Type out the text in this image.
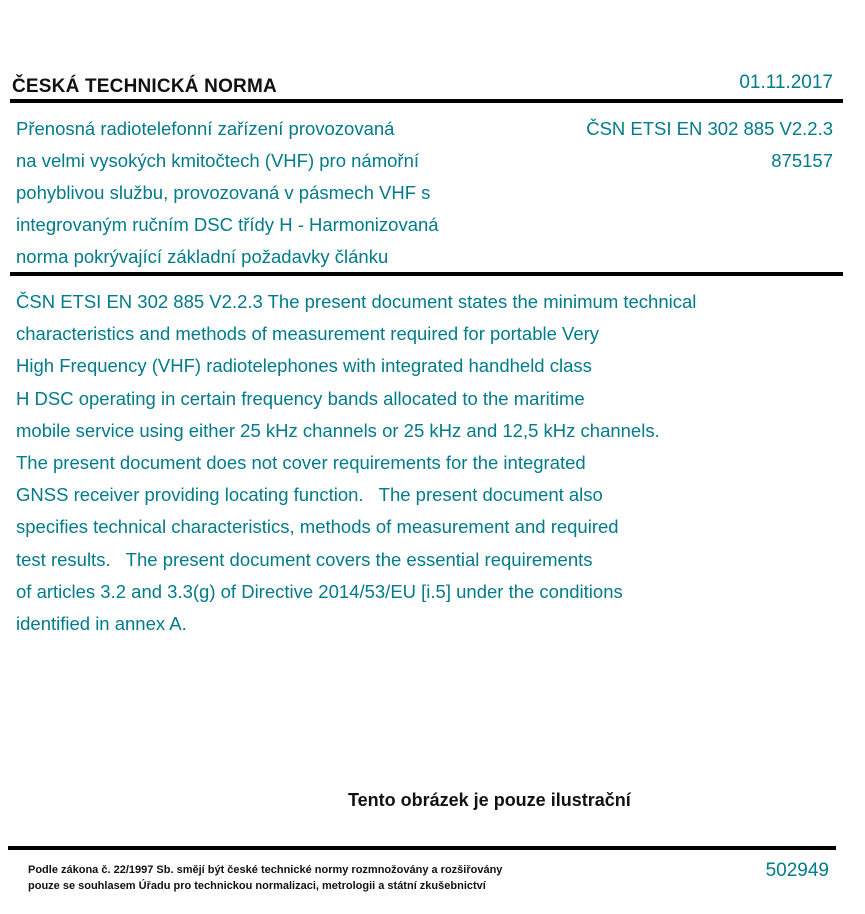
ČESKÁ TECHNICKÁ NORMA	01.11.2017
Přenosná radiotelefonní zařízení provozovaná
na velmi vysokých kmitočtech (VHF) pro námořní
pohyblivou službu, provozovaná v pásmech VHF s
integrovaným ručním DSC třídy H - Harmonizovaná
norma pokrývající základní požadavky článku
ČSN ETSI EN 302 885 V2.2.3
875157
ČSN ETSI EN 302 885 V2.2.3 The present document states the minimum technical
characteristics and methods of measurement required for portable Very
High Frequency (VHF) radiotelephones with integrated handheld class
H DSC operating in certain frequency bands allocated to the maritime
mobile service using either 25 kHz channels or 25 kHz and 12,5 kHz channels.
The present document does not cover requirements for the integrated
GNSS receiver providing locating function.   The present document also
specifies technical characteristics, methods of measurement and required
test results.   The present document covers the essential requirements
of articles 3.2 and 3.3(g) of Directive 2014/53/EU [i.5] under the conditions
identified in annex A.
Tento obrázek je pouze ilustrační
Podle zákona č. 22/1997 Sb. smějí být české technické normy rozmnožovány a rozšiřovány
pouze se souhlasem Úřadu pro technickou normalizaci, metrologii a státní zkušebnictví
502949
